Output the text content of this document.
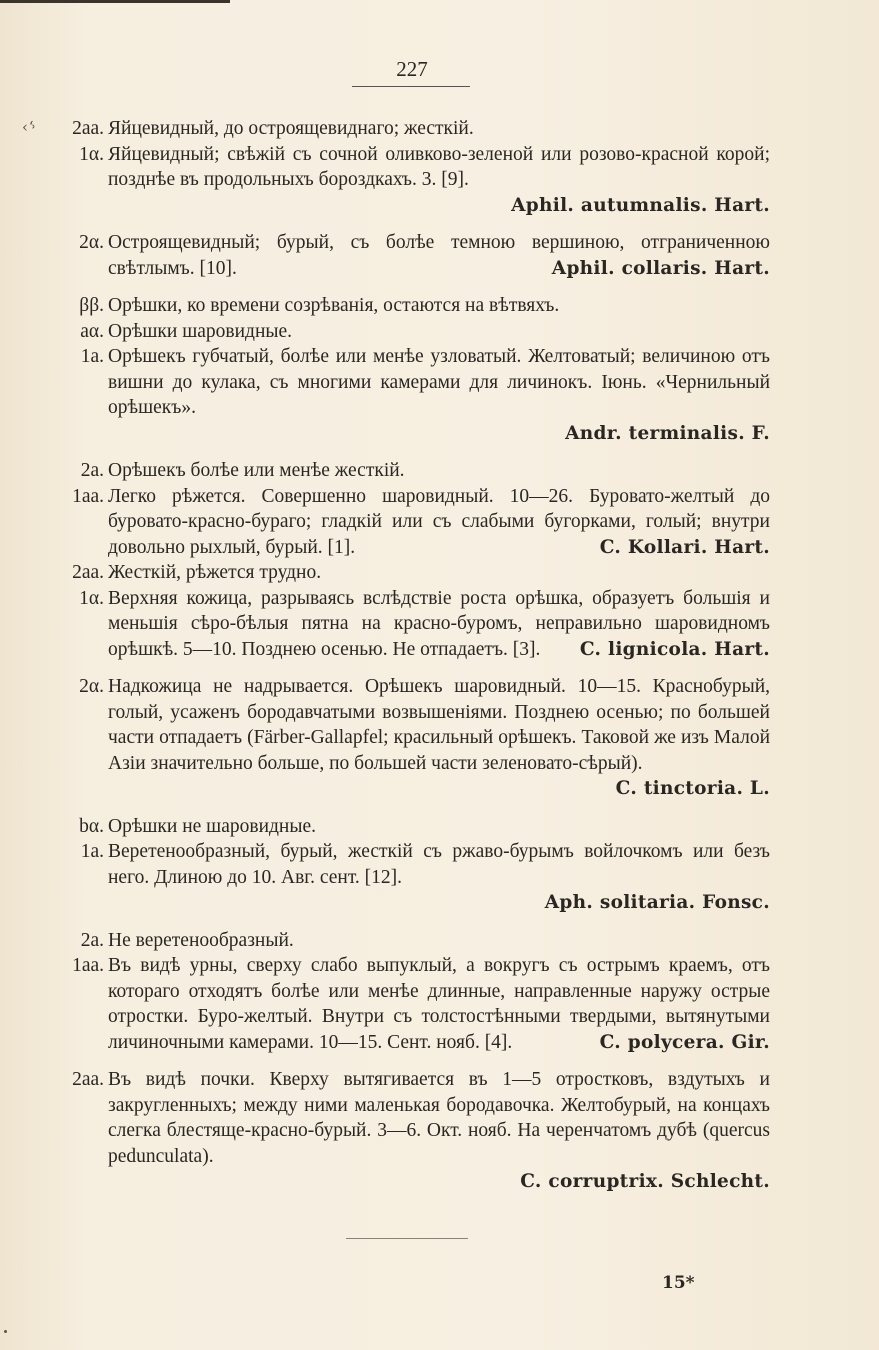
227
‹ ʻ˒	2aa. Яйцевидный, до остроящевиднаго; жесткій.
1α. Яйцевидный; свѣжій съ сочной оливково-зеленой или розово-красной корой; позднѣе въ продольныхъ бороздкахъ. 3. [9].
Aphil. autumnalis. Hart.
2α. Остроящевидный; бурый, съ болѣе темною вершиною, отграниченною свѣтлымъ. [10].	Aphil. collaris. Hart.
ββ. Орѣшки, ко времени созрѣванія, остаются на вѣтвяхъ.
aα. Орѣшки шаровидные.
1a. Орѣшекъ губчатый, болѣе или менѣе узловатый. Желтоватый; величиною отъ вишни до кулака, съ многими камерами для личинокъ. Іюнь. «Чернильный орѣшекъ».
Andr. terminalis. F.
2a. Орѣшекъ болѣе или менѣе жесткій.
1aa. Легко рѣжется. Совершенно шаровидный. 10—26. Буровато-желтый до буровато-красно-бураго; гладкій или съ слабыми бугорками, голый; внутри довольно рыхлый, бурый. [1].	C. Kollari. Hart.
2aa. Жесткій, рѣжется трудно.
1α. Верхняя кожица, разрываясь вслѣдствіе роста орѣшка, образуетъ большія и меньшія сѣро-бѣлыя пятна на красно-буромъ, неправильно шаровидномъ орѣшкѣ. 5—10. Позднею осенью. Не отпадаетъ. [3]. C. lignicola. Hart.
2α. Надкожица не надрывается. Орѣшекъ шаровидный. 10—15. Краснобурый, голый, усаженъ бородавчатыми возвышеніями. Позднею осенью; по большей части отпадаетъ (Färber-Gallapfel; красильный орѣшекъ. Таковой же изъ Малой Азіи значительно больше, по большей части зеленовато-сѣрый).
C. tinctoria. L.
bα. Орѣшки не шаровидные.
1a. Веретенообразный, бурый, жесткій съ ржаво-бурымъ войлочкомъ или безъ него. Длиною до 10. Авг. сент. [12].
Aph. solitaria. Fonsc.
2a. Не веретенообразный.
1aa. Въ видѣ урны, сверху слабо выпуклый, а вокругъ съ острымъ краемъ, отъ котораго отходятъ болѣе или менѣе длинные, направленные наружу острые отростки. Буро-желтый. Внутри съ толстостѣнными твердыми, вытянутыми личиночными камерами. 10—15. Сент. нояб. [4].	C. polycera. Gir.
2aa. Въ видѣ почки. Кверху вытягивается въ 1—5 отростковъ, вздутыхъ и закругленныхъ; между ними маленькая бородавочка. Желтобурый, на концахъ слегка блестяще-красно-бурый. 3—6. Окт. нояб. На черенчатомъ дубѣ (quercus pedunculata).
C. corruptrix. Schlecht.
15*
